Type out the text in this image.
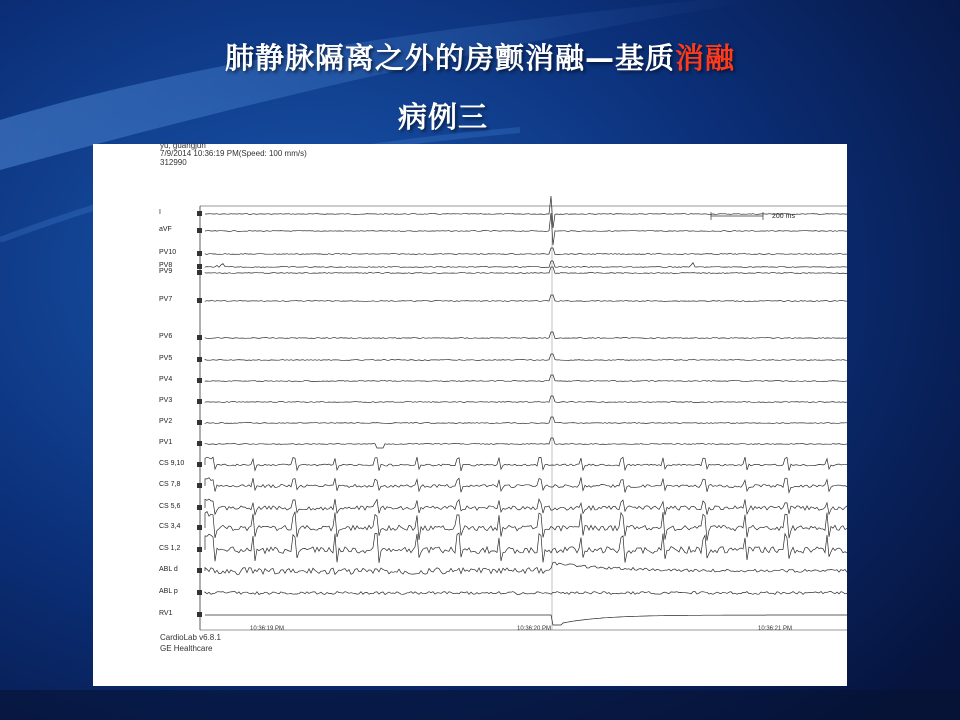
肺静脉隔离之外的房颤消融—基质消融
病例三
yu, guangjun
7/9/2014 10:36:19 PM(Speed: 100 mm/s)
312990
200 ms
I
aVF
PV10
PV8
PV9
PV7
PV6
PV5
PV4
PV3
PV2
PV1
CS 9,10
CS 7,8
CS 5,6
CS 3,4
CS 1,2
ABL d
ABL p
RV1
10:36:19 PM	10:36:20 PM	10:36:21 PM
CardioLab v6.8.1
GE Healthcare
